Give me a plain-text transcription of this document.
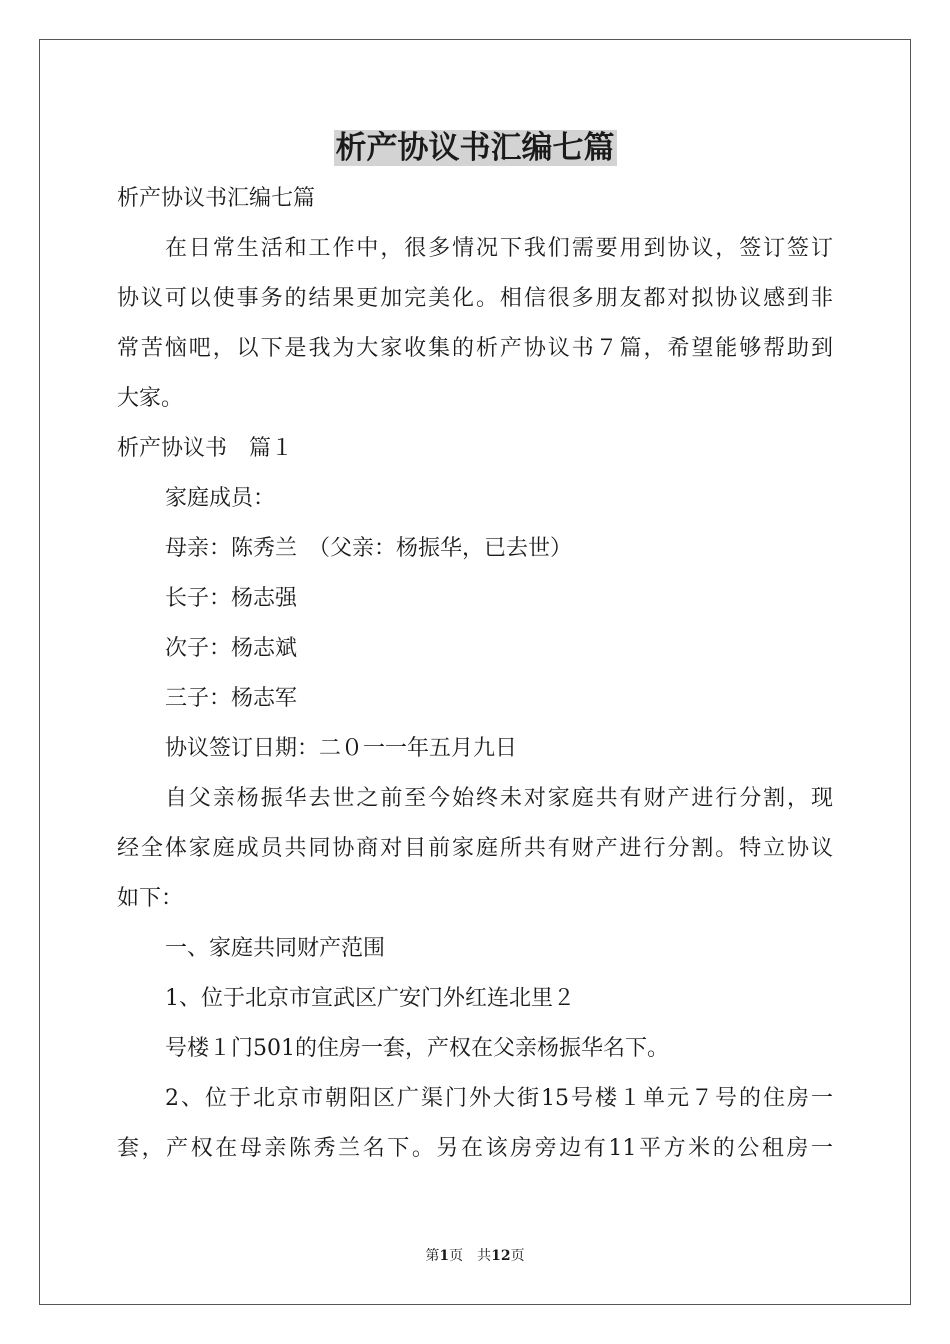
析产协议书汇编七篇
析产协议书汇编七篇
在日常生活和工作中，很多情况下我们需要用到协议，签订签订
协议可以使事务的结果更加完美化。相信很多朋友都对拟协议感到非
常苦恼吧，以下是我为大家收集的析产协议书７篇，希望能够帮助到
大家。
析产协议书　篇１
家庭成员：
母亲：陈秀兰　（父亲：杨振华，已去世）
长子：杨志强
次子：杨志斌
三子：杨志军
协议签订日期：二０一一年五月九日
自父亲杨振华去世之前至今始终未对家庭共有财产进行分割，现
经全体家庭成员共同协商对目前家庭所共有财产进行分割。特立协议
如下：
一、家庭共同财产范围
1、位于北京市宣武区广安门外红连北里２
号楼１门501的住房一套，产权在父亲杨振华名下。
2、位于北京市朝阳区广渠门外大街15号楼１单元７号的住房一
套，产权在母亲陈秀兰名下。另在该房旁边有11平方米的公租房一
第1页　共12页
